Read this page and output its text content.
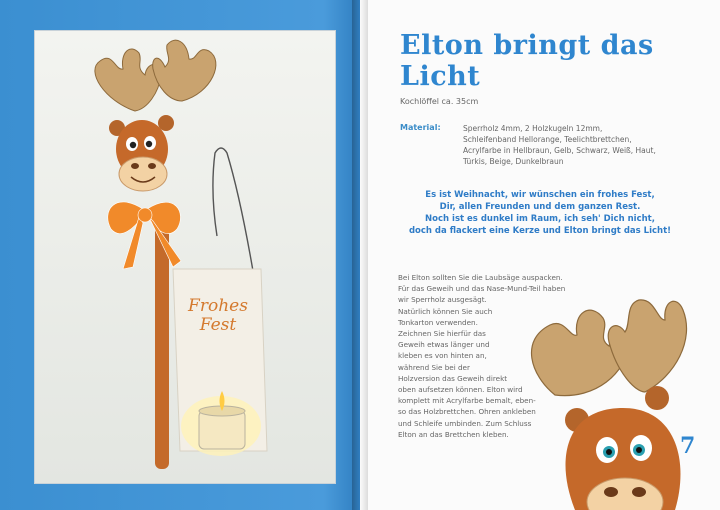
Frohes
Fest
Elton bringt das Licht
Kochlöffel ca. 35cm
Material:	Sperrholz 4mm, 2 Holzkugeln 12mm,
Schleifenband Hellorange, Teelichtbrettchen,
Acrylfarbe in Hellbraun, Gelb, Schwarz, Weiß, Haut,
Türkis, Beige, Dunkelbraun
Es ist Weihnacht, wir wünschen ein frohes Fest,
Dir, allen Freunden und dem ganzen Rest.
Noch ist es dunkel im Raum, ich seh' Dich nicht,
doch da flackert eine Kerze und Elton bringt das Licht!
Bei Elton sollten Sie die Laubsäge auspacken.
Für das Geweih und das Nase-Mund-Teil haben
wir Sperrholz ausgesägt.
Natürlich können Sie auch
Tonkarton verwenden.
Zeichnen Sie hierfür das
Geweih etwas länger und
kleben es von hinten an,
während Sie bei der
Holzversion das Geweih direkt
oben aufsetzen können. Elton wird
komplett mit Acrylfarbe bemalt, eben-
so das Holzbrettchen. Ohren ankleben
und Schleife umbinden. Zum Schluss
Elton an das Brettchen kleben.	7
